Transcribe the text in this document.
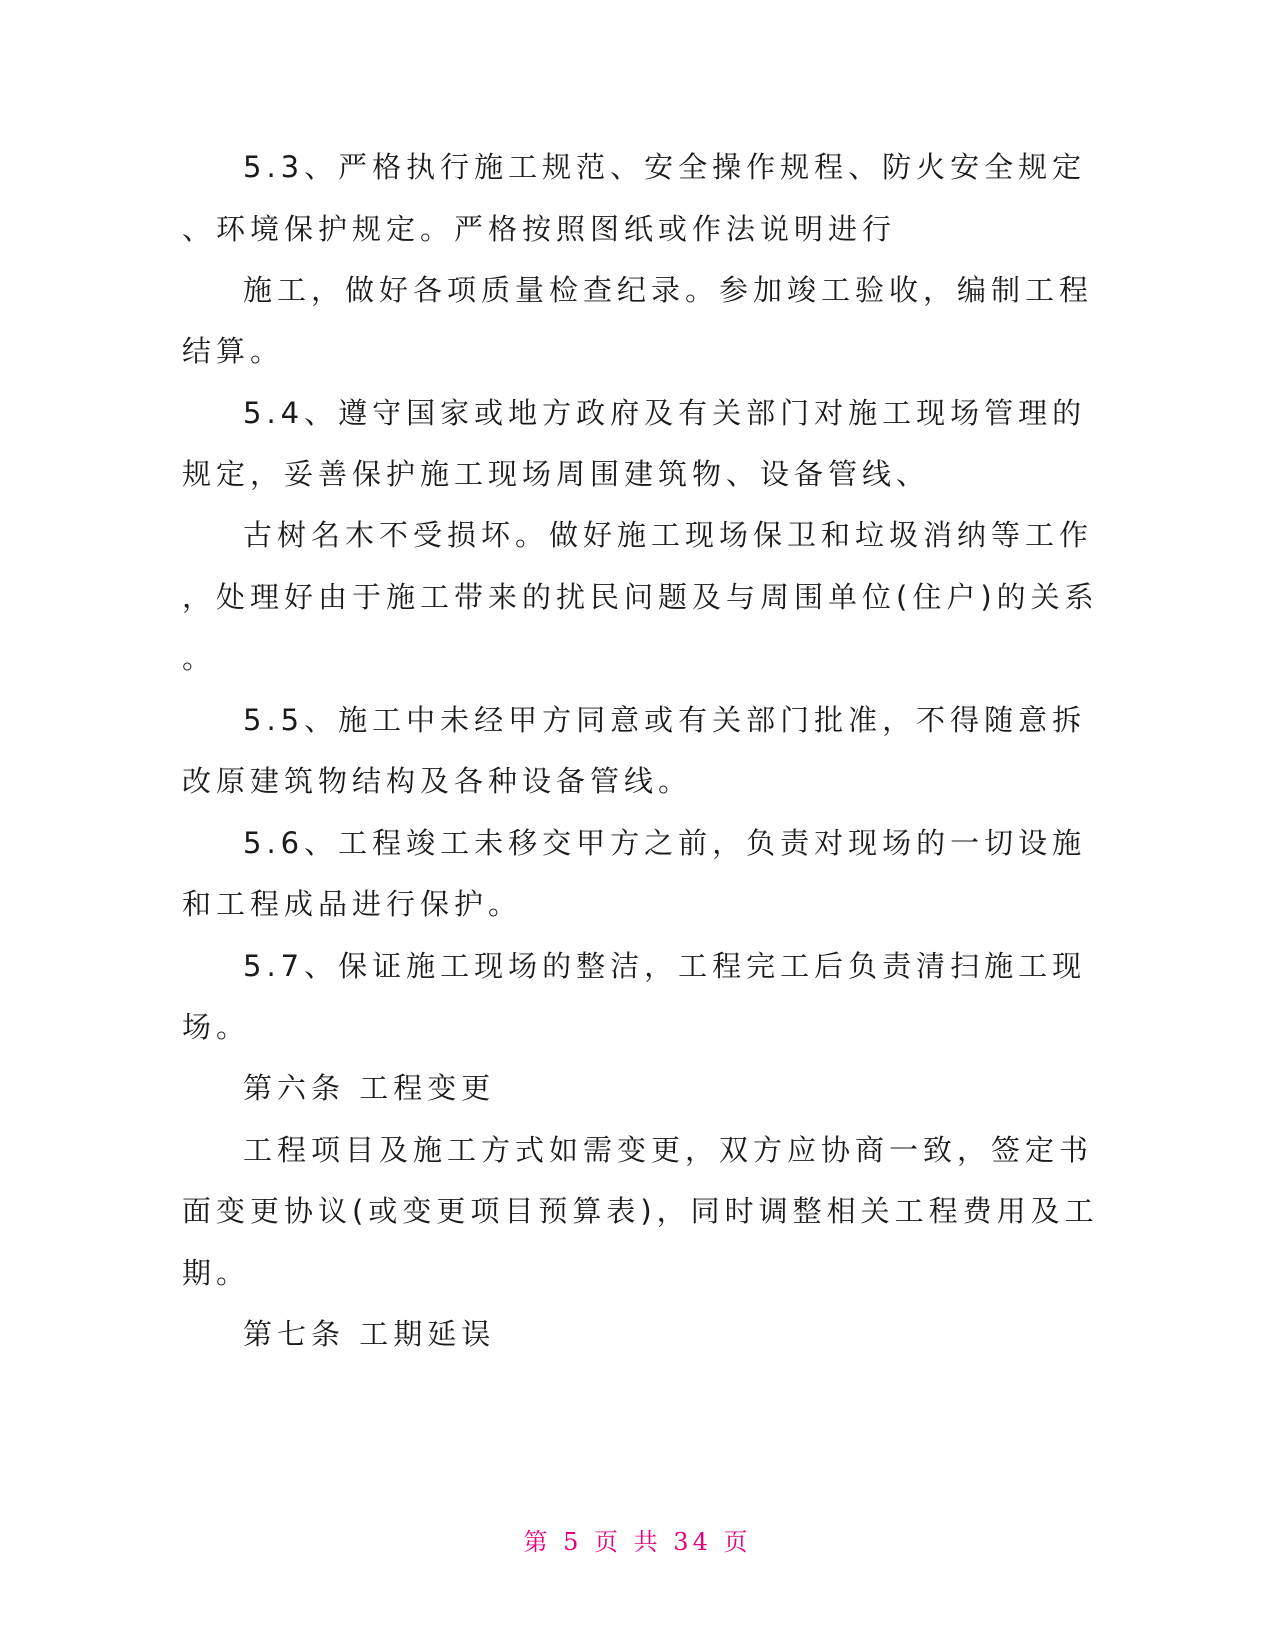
5.3、严格执行施工规范、安全操作规程、防火安全规定
、环境保护规定。严格按照图纸或作法说明进行
施工，做好各项质量检查纪录。参加竣工验收，编制工程
结算。
5.4、遵守国家或地方政府及有关部门对施工现场管理的
规定，妥善保护施工现场周围建筑物、设备管线、
古树名木不受损坏。做好施工现场保卫和垃圾消纳等工作
，处理好由于施工带来的扰民问题及与周围单位(住户)的关系
。
5.5、施工中未经甲方同意或有关部门批准，不得随意拆
改原建筑物结构及各种设备管线。
5.6、工程竣工未移交甲方之前，负责对现场的一切设施
和工程成品进行保护。
5.7、保证施工现场的整洁，工程完工后负责清扫施工现
场。
第六条 工程变更
工程项目及施工方式如需变更，双方应协商一致，签定书
面变更协议(或变更项目预算表)，同时调整相关工程费用及工
期。
第七条 工期延误
第 5 页 共 34 页
